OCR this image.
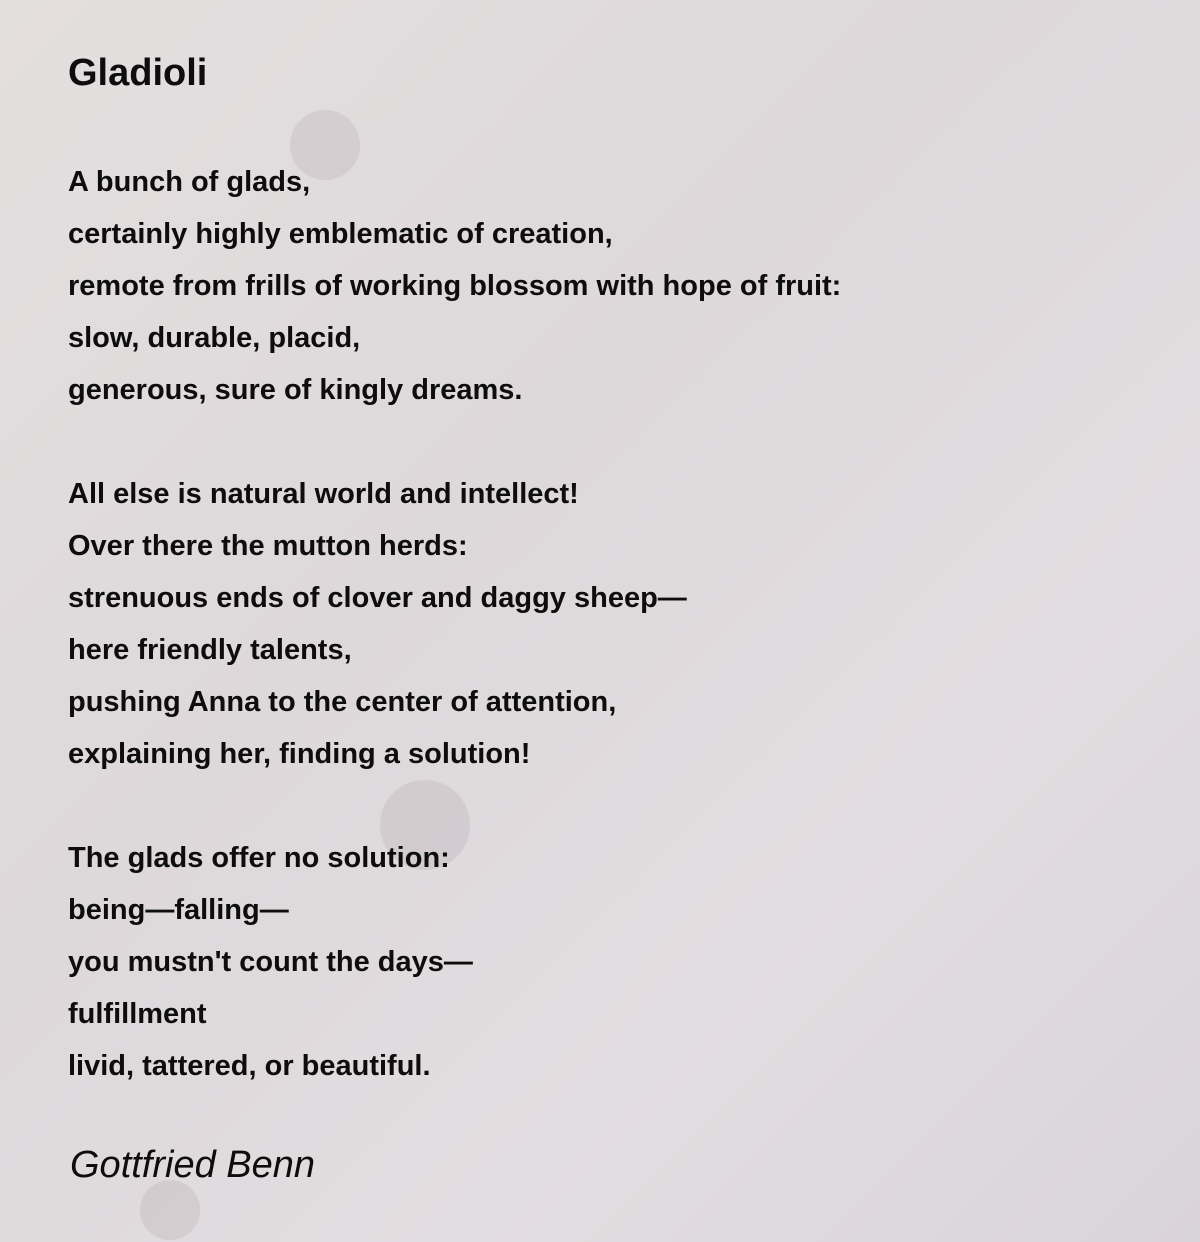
Gladioli
A bunch of glads,
certainly highly emblematic of creation,
remote from frills of working blossom with hope of fruit:
slow, durable, placid,
generous, sure of kingly dreams.
All else is natural world and intellect!
Over there the mutton herds:
strenuous ends of clover and daggy sheep—
here friendly talents,
pushing Anna to the center of attention,
explaining her, finding a solution!
The glads offer no solution:
being—falling—
you mustn't count the days—
fulfillment
livid, tattered, or beautiful.
Gottfried Benn
